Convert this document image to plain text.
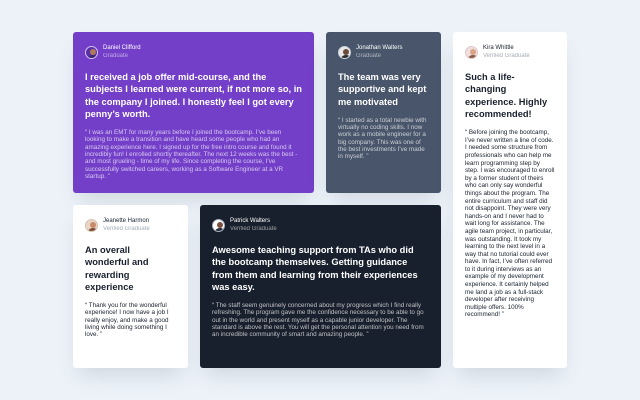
Daniel Clifford
Graduate

I received a job offer mid-course, and the subjects I learned were current, if not more so, in the company I joined. I honestly feel I got every penny’s worth.

“ I was an EMT for many years before I joined the bootcamp. I’ve been looking to make a transition and have heard some people who had an amazing experience here. I signed up for the free intro course and found it incredibly fun! I enrolled shortly thereafter. The next 12 weeks was the best - and most grueling - time of my life. Since completing the course, I’ve successfully switched careers, working as a Software Engineer at a VR startup. ”

Jonathan Walters
Graduate

The team was very supportive and kept me motivated

“ I started as a total newbie with virtually no coding skills. I now work as a mobile engineer for a big company. This was one of the best investments I’ve made in myself. ”

Kira Whittle
Verified Graduate

Such a life-changing experience. Highly recommended!

“ Before joining the bootcamp, I’ve never written a line of code. I needed some structure from professionals who can help me learn programming step by step. I was encouraged to enroll by a former student of theirs who can only say wonderful things about the program. The entire curriculum and staff did not disappoint. They were very hands-on and I never had to wait long for assistance. The agile team project, in particular, was outstanding. It took my learning to the next level in a way that no tutorial could ever have. In fact, I’ve often referred to it during interviews as an example of my development experience. It certainly helped me land a job as a full-stack developer after receiving multiple offers. 100% recommend! ”

Jeanette Harmon
Verified Graduate

An overall wonderful and rewarding experience

“ Thank you for the wonderful experience! I now have a job I really enjoy, and make a good living while doing something I love. ”

Patrick Walters
Verified Graduate

Awesome teaching support from TAs who did the bootcamp themselves. Getting guidance from them and learning from their experiences was easy.

“ The staff seem genuinely concerned about my progress which I find really refreshing. The program gave me the confidence necessary to be able to go out in the world and present myself as a capable junior developer. The standard is above the rest. You will get the personal attention you need from an incredible community of smart and amazing people. ”
